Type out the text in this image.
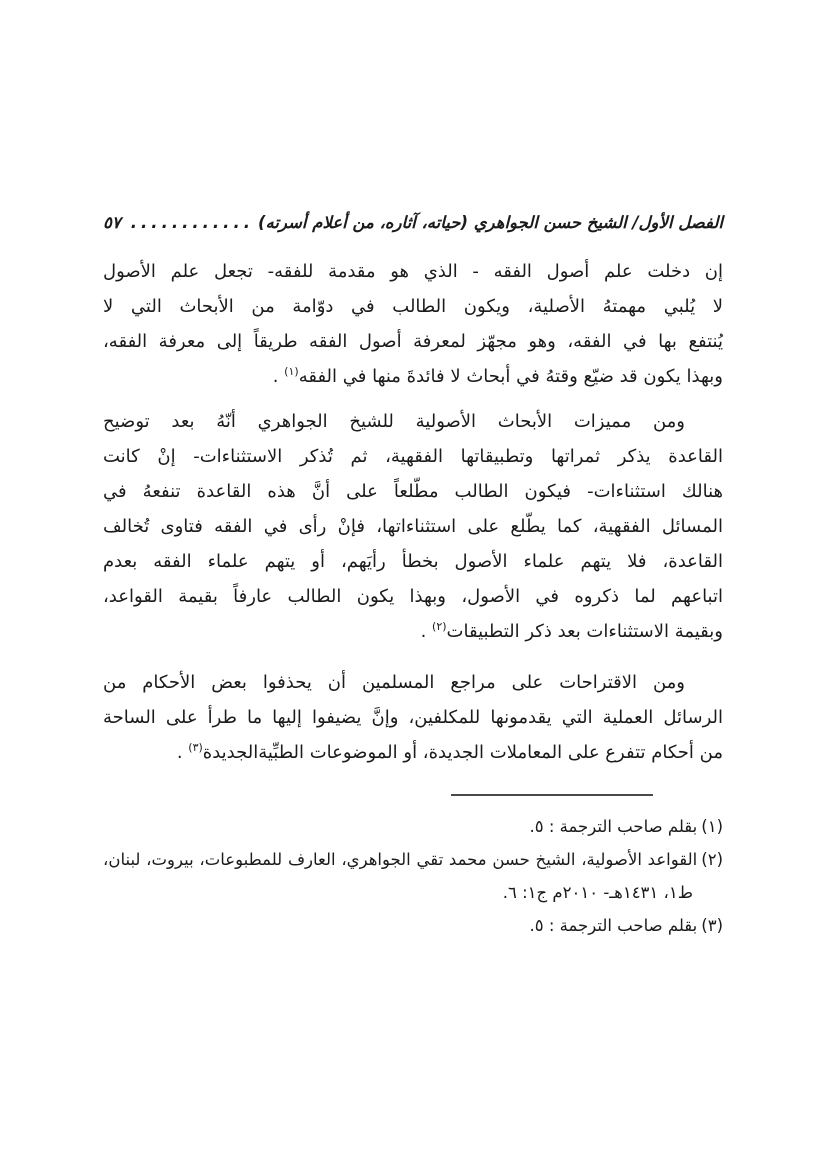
الفصل الأول/ الشيخ حسن الجواهري (حياته، آثاره، من أعلام أسرته)
............
٥٧
إن دخلت علم أصول الفقه - الذي هو مقدمة للفقه- تجعل علم الأصول
لا يُلبي مهمتهُ الأصلية، ويكون الطالب في دوّامة من الأبحاث التي لا
يُنتفع بها في الفقه، وهو مجهّز لمعرفة أصول الفقه طريقاً إلى معرفة الفقه،
وبهذا يكون قد ضيّع وقتهُ في أبحاث لا فائدةَ منها في الفقه$^{(١)}$ .
ومن مميزات الأبحاث الأصولية للشيخ الجواهري أنّهُ بعد توضيح
القاعدة يذكر ثمراتها وتطبيقاتها الفقهية، ثم تُذكر الاستثناءات- إنْ كانت
هنالك استثناءات- فيكون الطالب مطّلعاً على أنَّ هذه القاعدة تنفعهُ في
المسائل الفقهية، كما يطّلع على استثناءاتها، فإنْ رأى في الفقه فتاوى تُخالف
القاعدة، فلا يتهم علماء الأصول بخطأ رأيَهم، أو يتهم علماء الفقه بعدم
اتباعهم لما ذكروه في الأصول، وبهذا يكون الطالب عارفاً بقيمة القواعد،
وبقيمة الاستثناءات بعد ذكر التطبيقات$^{(٢)}$ .
ومن الاقتراحات على مراجع المسلمين أن يحذفوا بعض الأحكام من
الرسائل العملية التي يقدمونها للمكلفين، وإنَّ يضيفوا إليها ما طرأ على الساحة
من أحكام تتفرع على المعاملات الجديدة، أو الموضوعات الطبِّيةالجديدة$^{(٣)}$ .
(١)بقلم صاحب الترجمة : ٥.
(٢)القواعد الأصولية، الشيخ حسن محمد تقي الجواهري، العارف للمطبوعات، بيروت، لبنان، ط١، ١٤٣١هـ- ٢٠١٠م ج١: ٦.
(٣)بقلم صاحب الترجمة : ٥.
